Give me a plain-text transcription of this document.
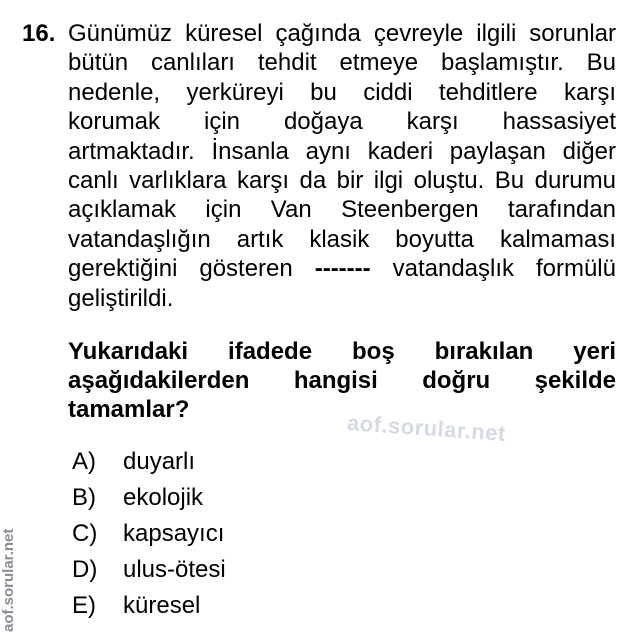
16. Günümüz küresel çağında çevreyle ilgili sorunlar
bütün canlıları tehdit etmeye başlamıştır. Bu
nedenle, yerküreyi bu ciddi tehditlere karşı
korumak için doğaya karşı hassasiyet
artmaktadır. İnsanla aynı kaderi paylaşan diğer
canlı varlıklara karşı da bir ilgi oluştu. Bu durumu
açıklamak için Van Steenbergen tarafından
vatandaşlığın artık klasik boyutta kalmaması
gerektiğini gösteren ------- vatandaşlık formülü
geliştirildi.
Yukarıdaki ifadede boş bırakılan yeri
aşağıdakilerden hangisi doğru şekilde
tamamlar?
aof.sorular.net
A)	duyarlı
B)	ekolojik
C)	kapsayıcı
D)	ulus-ötesi
E)	küresel
aof.sorular.net
